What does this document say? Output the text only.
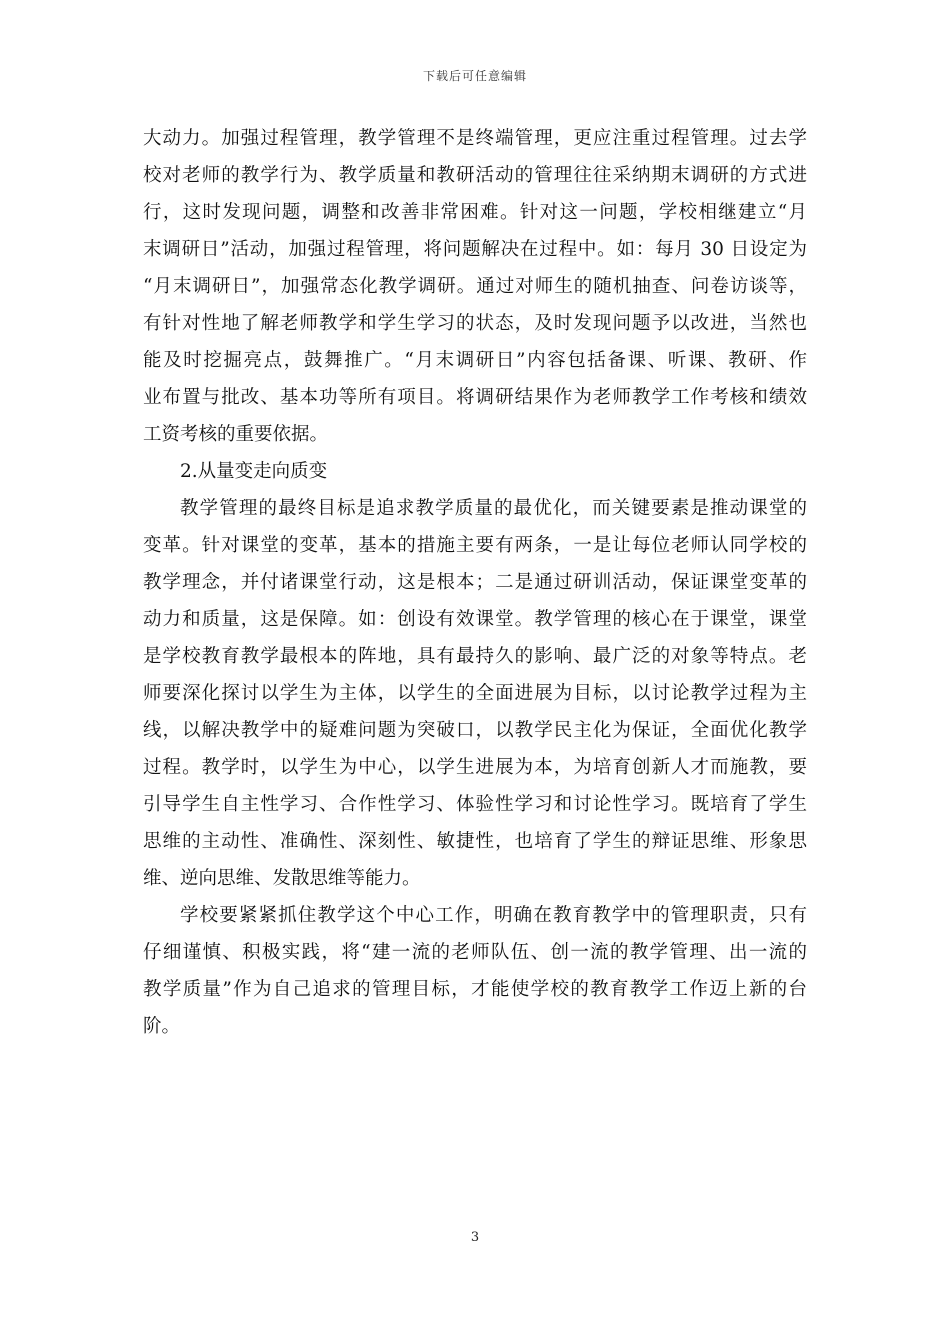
下载后可任意编辑
大动力。加强过程管理，教学管理不是终端管理，更应注重过程管理。过去学
校对老师的教学行为、教学质量和教研活动的管理往往采纳期末调研的方式进
行，这时发现问题，调整和改善非常困难。针对这一问题，学校相继建立“月
末调研日”活动，加强过程管理，将问题解决在过程中。如：每月 30 日设定为
“月末调研日”，加强常态化教学调研。通过对师生的随机抽查、问卷访谈等，
有针对性地了解老师教学和学生学习的状态，及时发现问题予以改进，当然也
能及时挖掘亮点，鼓舞推广。“月末调研日”内容包括备课、听课、教研、作
业布置与批改、基本功等所有项目。将调研结果作为老师教学工作考核和绩效
工资考核的重要依据。
2.从量变走向质变
教学管理的最终目标是追求教学质量的最优化，而关键要素是推动课堂的
变革。针对课堂的变革，基本的措施主要有两条，一是让每位老师认同学校的
教学理念，并付诸课堂行动，这是根本；二是通过研训活动，保证课堂变革的
动力和质量，这是保障。如：创设有效课堂。教学管理的核心在于课堂，课堂
是学校教育教学最根本的阵地，具有最持久的影响、最广泛的对象等特点。老
师要深化探讨以学生为主体，以学生的全面进展为目标，以讨论教学过程为主
线，以解决教学中的疑难问题为突破口，以教学民主化为保证，全面优化教学
过程。教学时，以学生为中心，以学生进展为本，为培育创新人才而施教，要
引导学生自主性学习、合作性学习、体验性学习和讨论性学习。既培育了学生
思维的主动性、准确性、深刻性、敏捷性，也培育了学生的辩证思维、形象思
维、逆向思维、发散思维等能力。
学校要紧紧抓住教学这个中心工作，明确在教育教学中的管理职责，只有
仔细谨慎、积极实践，将“建一流的老师队伍、创一流的教学管理、出一流的
教学质量”作为自己追求的管理目标，才能使学校的教育教学工作迈上新的台
阶。
3
